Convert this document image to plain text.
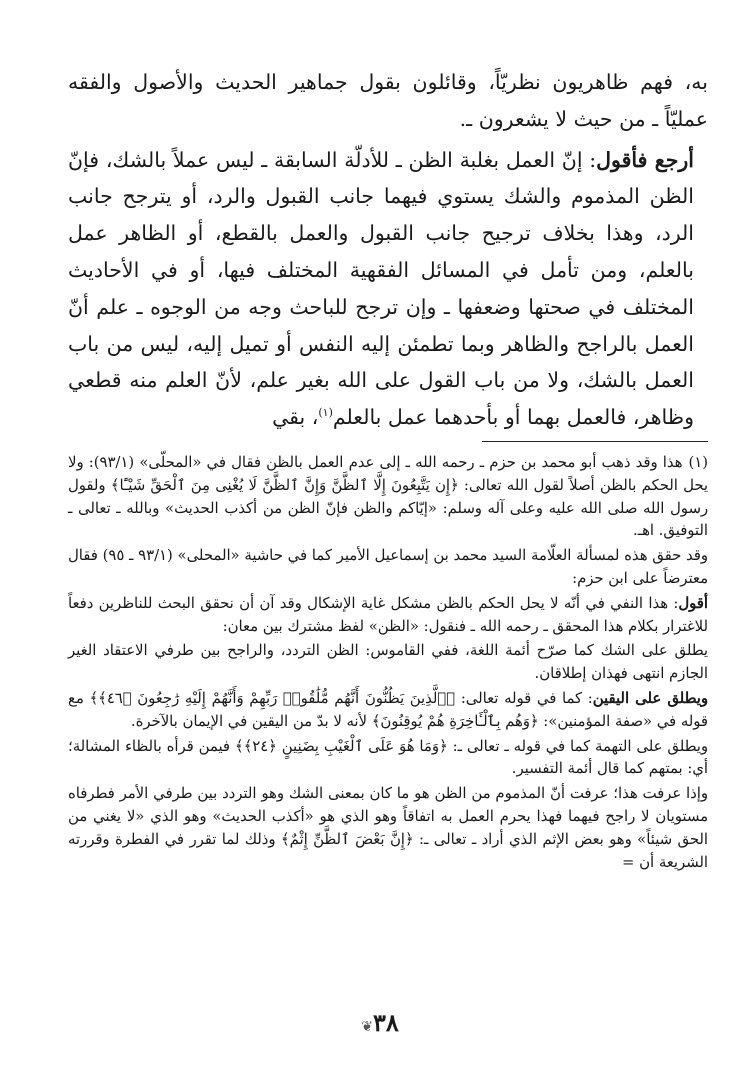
به، فهم ظاهريون نظريّاً، وقائلون بقول جماهير الحديث والأصول والفقه عمليّاً ـ من حيث لا يشعرون ـ.

أرجع فأقول: إنّ العمل بغلبة الظن ـ للأدلّة السابقة ـ ليس عملاً بالشك، فإنّ الظن المذموم والشك يستوي فيهما جانب القبول والرد، أو يترجح جانب الرد، وهذا بخلاف ترجيح جانب القبول والعمل بالقطع، أو الظاهر عمل بالعلم، ومن تأمل في المسائل الفقهية المختلف فيها، أو في الأحاديث المختلف في صحتها وضعفها ـ وإن ترجح للباحث وجه من الوجوه ـ علم أنّ العمل بالراجح والظاهر وبما تطمئن إليه النفس أو تميل إليه، ليس من باب العمل بالشك، ولا من باب القول على الله بغير علم، لأنّ العلم منه قطعي وظاهر، فالعمل بهما أو بأحدهما عمل بالعلم$^{(١)}$، بقي

(١)هذا وقد ذهب أبو محمد بن حزم ـ رحمه الله ـ إلى عدم العمل بالظن فقال في «المحلّى» (٩٣/١): ولا يحل الحكم بالظن أصلاً لقول الله تعالى: ﴿إِن يَتَّبِعُونَ إِلَّا ٱلظَّنَّ وَإِنَّ ٱلظَّنَّ لَا يُغْنِى مِنَ ٱلْحَقِّ شَيْـًٔا﴾ ولقول رسول الله صلى الله عليه وعلى آله وسلم: «إيّاكم والظن فإنّ الظن من أكذب الحديث» وبالله ـ تعالى ـ التوفيق. اهـ.

وقد حقق هذه لمسألة العلّامة السيد محمد بن إسماعيل الأمير كما في حاشية «المحلى» (٩٣/١ ـ ٩٥) فقال معترضاً على ابن حزم:

أقول: هذا النفي في أنّه لا يحل الحكم بالظن مشكل غاية الإشكال وقد آن أن نحقق البحث للناظرين دفعاً للاغترار بكلام هذا المحقق ـ رحمه الله ـ فنقول: «الظن» لفظ مشترك بين معان:

يطلق على الشك كما صرّح أئمة اللغة، ففي القاموس: الظن التردد، والراجح بين طرفي الاعتقاد الغير الجازم انتهى فهذان إطلاقان.

ويطلق على اليقين: كما في قوله تعالى: ﴿ٱلَّذِينَ يَظُنُّونَ أَنَّهُم مُّلَٰقُوا۟ رَبِّهِمْ وَأَنَّهُمْ إِلَيْهِ رَٰجِعُونَ ﴿٤٦﴾﴾ مع قوله في «صفة المؤمنين»: ﴿وَهُم بِٱلْـَٔاخِرَةِ هُمْ يُوقِنُونَ﴾ لأنه لا بدّ من اليقين في الإيمان بالآخرة.

ويطلق على التهمة كما في قوله ـ تعالى ـ: ﴿وَمَا هُوَ عَلَى ٱلْغَيْبِ بِضَنِينٍ ﴿٢٤﴾﴾ فيمن قرأه بالظاء المشالة؛ أي: بمتهم كما قال أئمة التفسير.

وإذا عرفت هذا؛ عرفت أنّ المذموم من الظن هو ما كان بمعنى الشك وهو التردد بين طرفي الأمر فطرفاه مستويان لا راجح فيهما فهذا يحرم العمل به اتفاقاً وهو الذي هو «أكذب الحديث» وهو الذي «لا يغني من الحق شيئاً» وهو بعض الإثم الذي أراد ـ تعالى ـ: ﴿إِنَّ بَعْضَ ٱلظَّنِّ إِثْمٌ﴾ وذلك لما تقرر في الفطرة وقررته الشريعة أن =

٣٨❦
